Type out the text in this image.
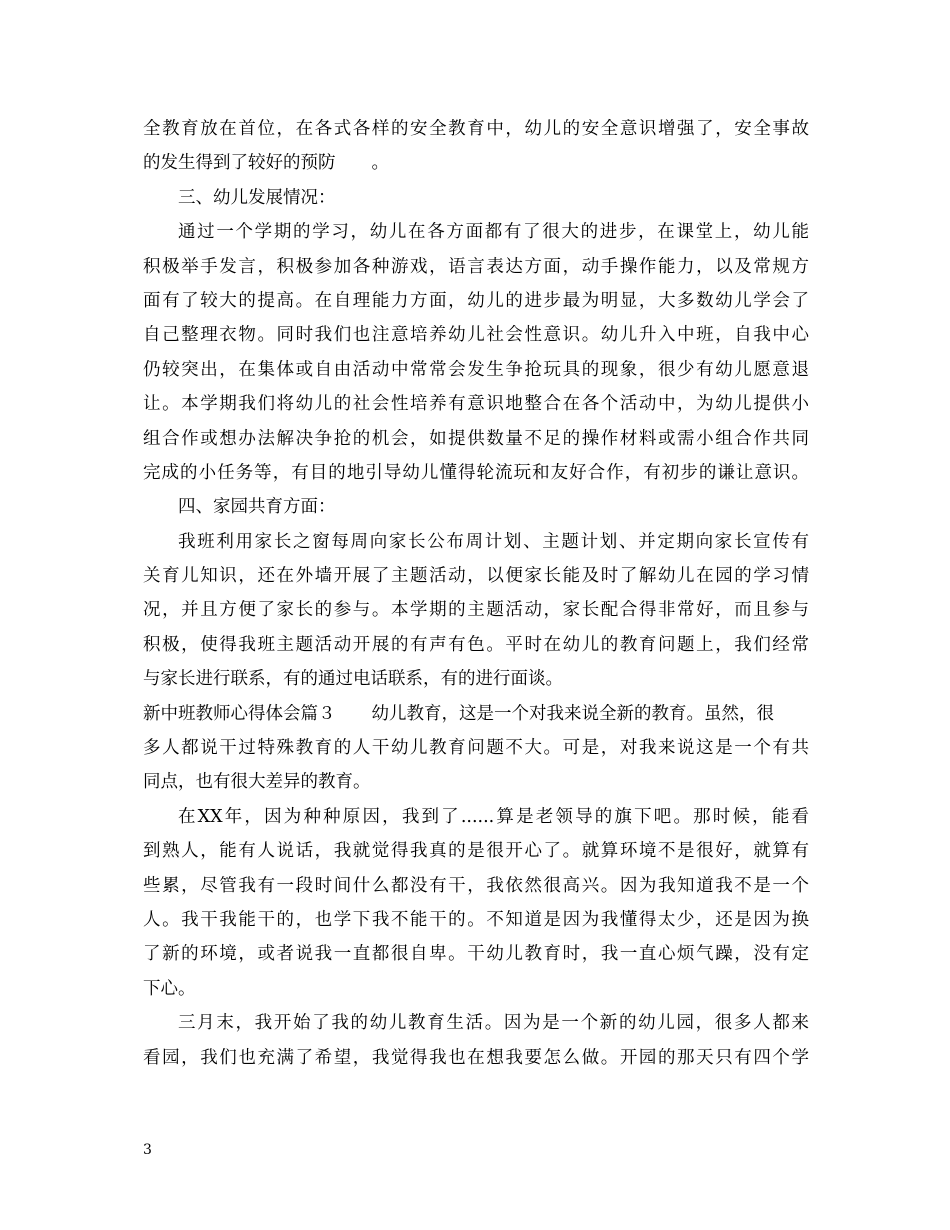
全教育放在首位，在各式各样的安全教育中，幼儿的安全意识增强了，安全事故
的发生得到了较好的预防 。
三、幼儿发展情况：
通过一个学期的学习，幼儿在各方面都有了很大的进步，在课堂上，幼儿能
积极举手发言，积极参加各种游戏，语言表达方面，动手操作能力，以及常规方
面有了较大的提高。在自理能力方面，幼儿的进步最为明显，大多数幼儿学会了
自己整理衣物。同时我们也注意培养幼儿社会性意识。幼儿升入中班，自我中心
仍较突出，在集体或自由活动中常常会发生争抢玩具的现象，很少有幼儿愿意退
让。本学期我们将幼儿的社会性培养有意识地整合在各个活动中，为幼儿提供小
组合作或想办法解决争抢的机会，如提供数量不足的操作材料或需小组合作共同
完成的小任务等，有目的地引导幼儿懂得轮流玩和友好合作，有初步的谦让意识。
四、家园共育方面：
我班利用家长之窗每周向家长公布周计划、主题计划、并定期向家长宣传有
关育儿知识，还在外墙开展了主题活动，以便家长能及时了解幼儿在园的学习情
况，并且方便了家长的参与。本学期的主题活动，家长配合得非常好，而且参与
积极，使得我班主题活动开展的有声有色。平时在幼儿的教育问题上，我们经常
与家长进行联系，有的通过电话联系，有的进行面谈。
新中班教师心得体会篇３ 幼儿教育，这是一个对我来说全新的教育。虽然，很
多人都说干过特殊教育的人干幼儿教育问题不大。可是，对我来说这是一个有共
同点，也有很大差异的教育。
在XX年，因为种种原因，我到了......算是老领导的旗下吧。那时候，能看
到熟人，能有人说话，我就觉得我真的是很开心了。就算环境不是很好，就算有
些累，尽管我有一段时间什么都没有干，我依然很高兴。因为我知道我不是一个
人。我干我能干的，也学下我不能干的。不知道是因为我懂得太少，还是因为换
了新的环境，或者说我一直都很自卑。干幼儿教育时，我一直心烦气躁，没有定
下心。
三月末，我开始了我的幼儿教育生活。因为是一个新的幼儿园，很多人都来
看园，我们也充满了希望，我觉得我也在想我要怎么做。开园的那天只有四个学
3
